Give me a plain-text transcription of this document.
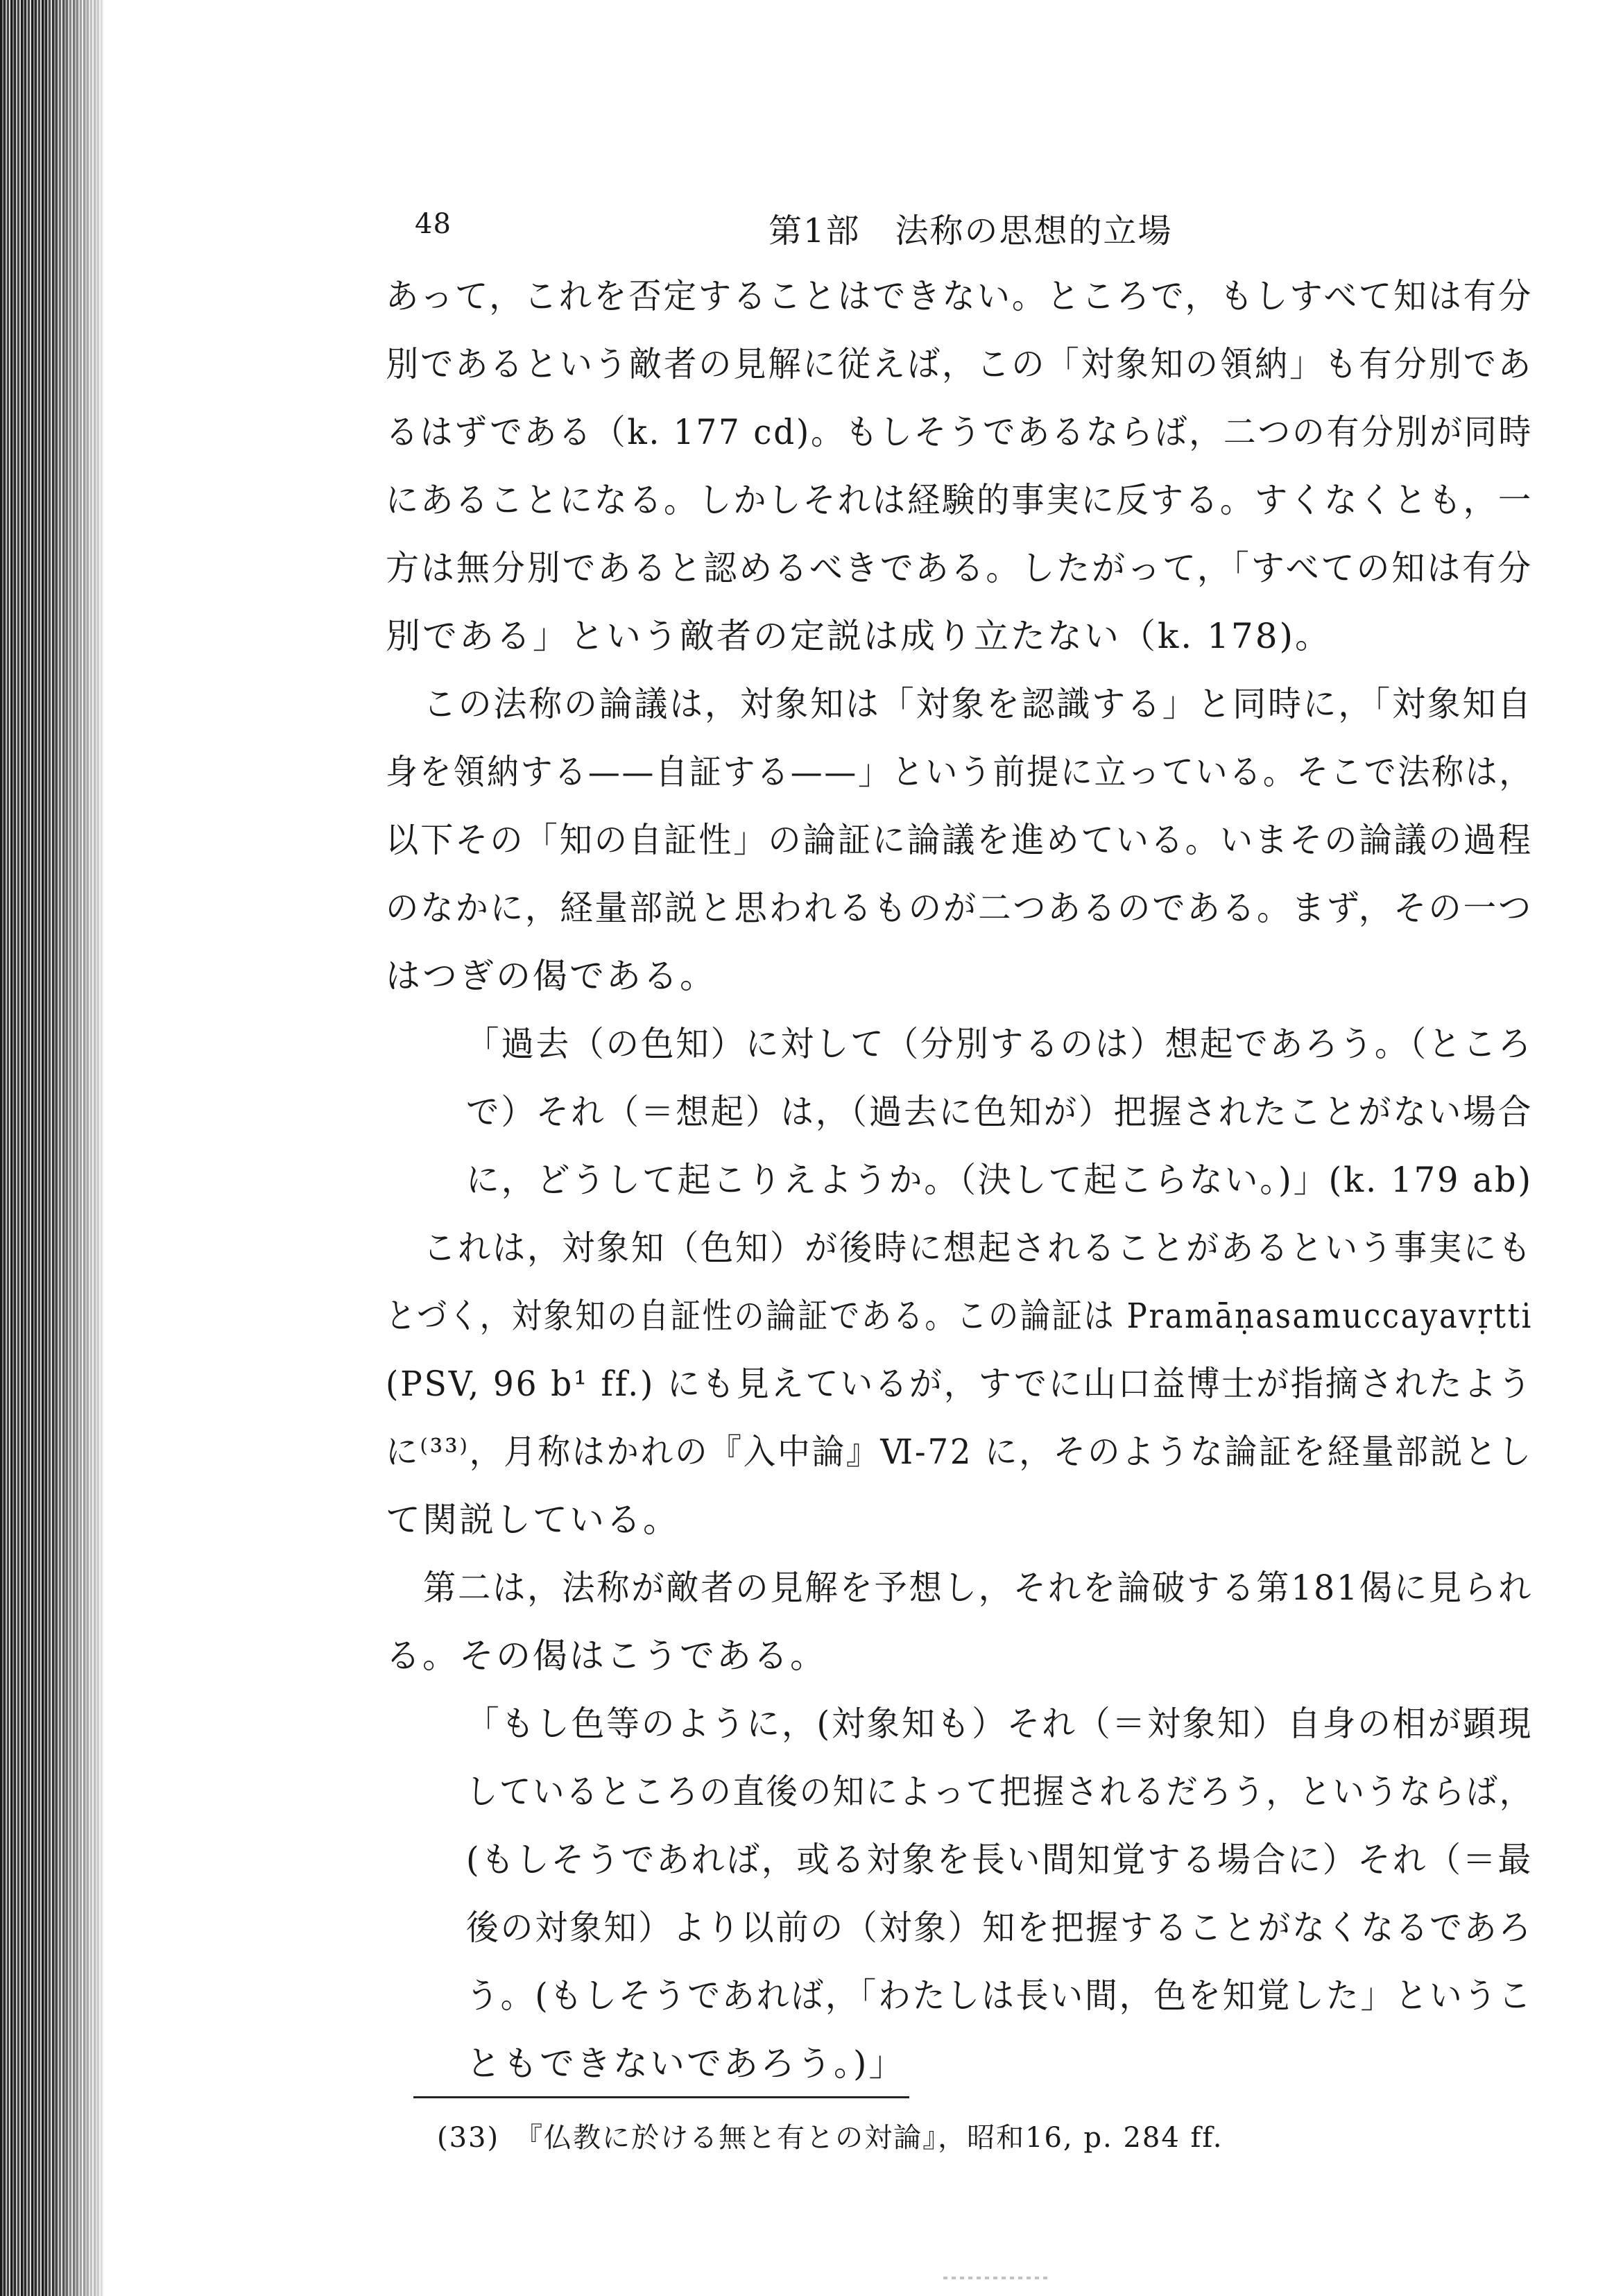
48	第1部　法称の思想的立場
あって，これを否定することはできない。ところで，もしすべて知は有分
別であるという敵者の見解に従えば，この「対象知の領納」も有分別であ
るはずである（k. 177 cd)。もしそうであるならば，二つの有分別が同時
にあることになる。しかしそれは経験的事実に反する。すくなくとも，一
方は無分別であると認めるべきである。したがって，「すべての知は有分
別である」という敵者の定説は成り立たない（k. 178)。
この法称の論議は，対象知は「対象を認識する」と同時に，「対象知自
身を領納する——自証する——」という前提に立っている。そこで法称は，
以下その「知の自証性」の論証に論議を進めている。いまその論議の過程
のなかに，経量部説と思われるものが二つあるのである。まず，その一つ
はつぎの偈である。
「過去（の色知）に対して（分別するのは）想起であろう。（ところ
で）それ（＝想起）は，（過去に色知が）把握されたことがない場合
に，どうして起こりえようか。（決して起こらない。)」(k. 179 ab)
これは，対象知（色知）が後時に想起されることがあるという事実にも
とづく，対象知の自証性の論証である。この論証は Pramāṇasamuccayavṛtti
(PSV, 96 b¹ ff.) にも見えているが，すでに山口益博士が指摘されたよう
に⁽³³⁾，月称はかれの『入中論』Ⅵ-72 に，そのような論証を経量部説とし
て関説している。
第二は，法称が敵者の見解を予想し，それを論破する第181偈に見られ
る。その偈はこうである。
「もし色等のように，(対象知も）それ（＝対象知）自身の相が顕現
しているところの直後の知によって把握されるだろう，というならば，
(もしそうであれば，或る対象を長い間知覚する場合に）それ（＝最
後の対象知）より以前の（対象）知を把握することがなくなるであろ
う。(もしそうであれば，「わたしは長い間，色を知覚した」というこ
ともできないであろう。)」
(33)　『仏教に於ける無と有との対論』，昭和16, p. 284 ff.
